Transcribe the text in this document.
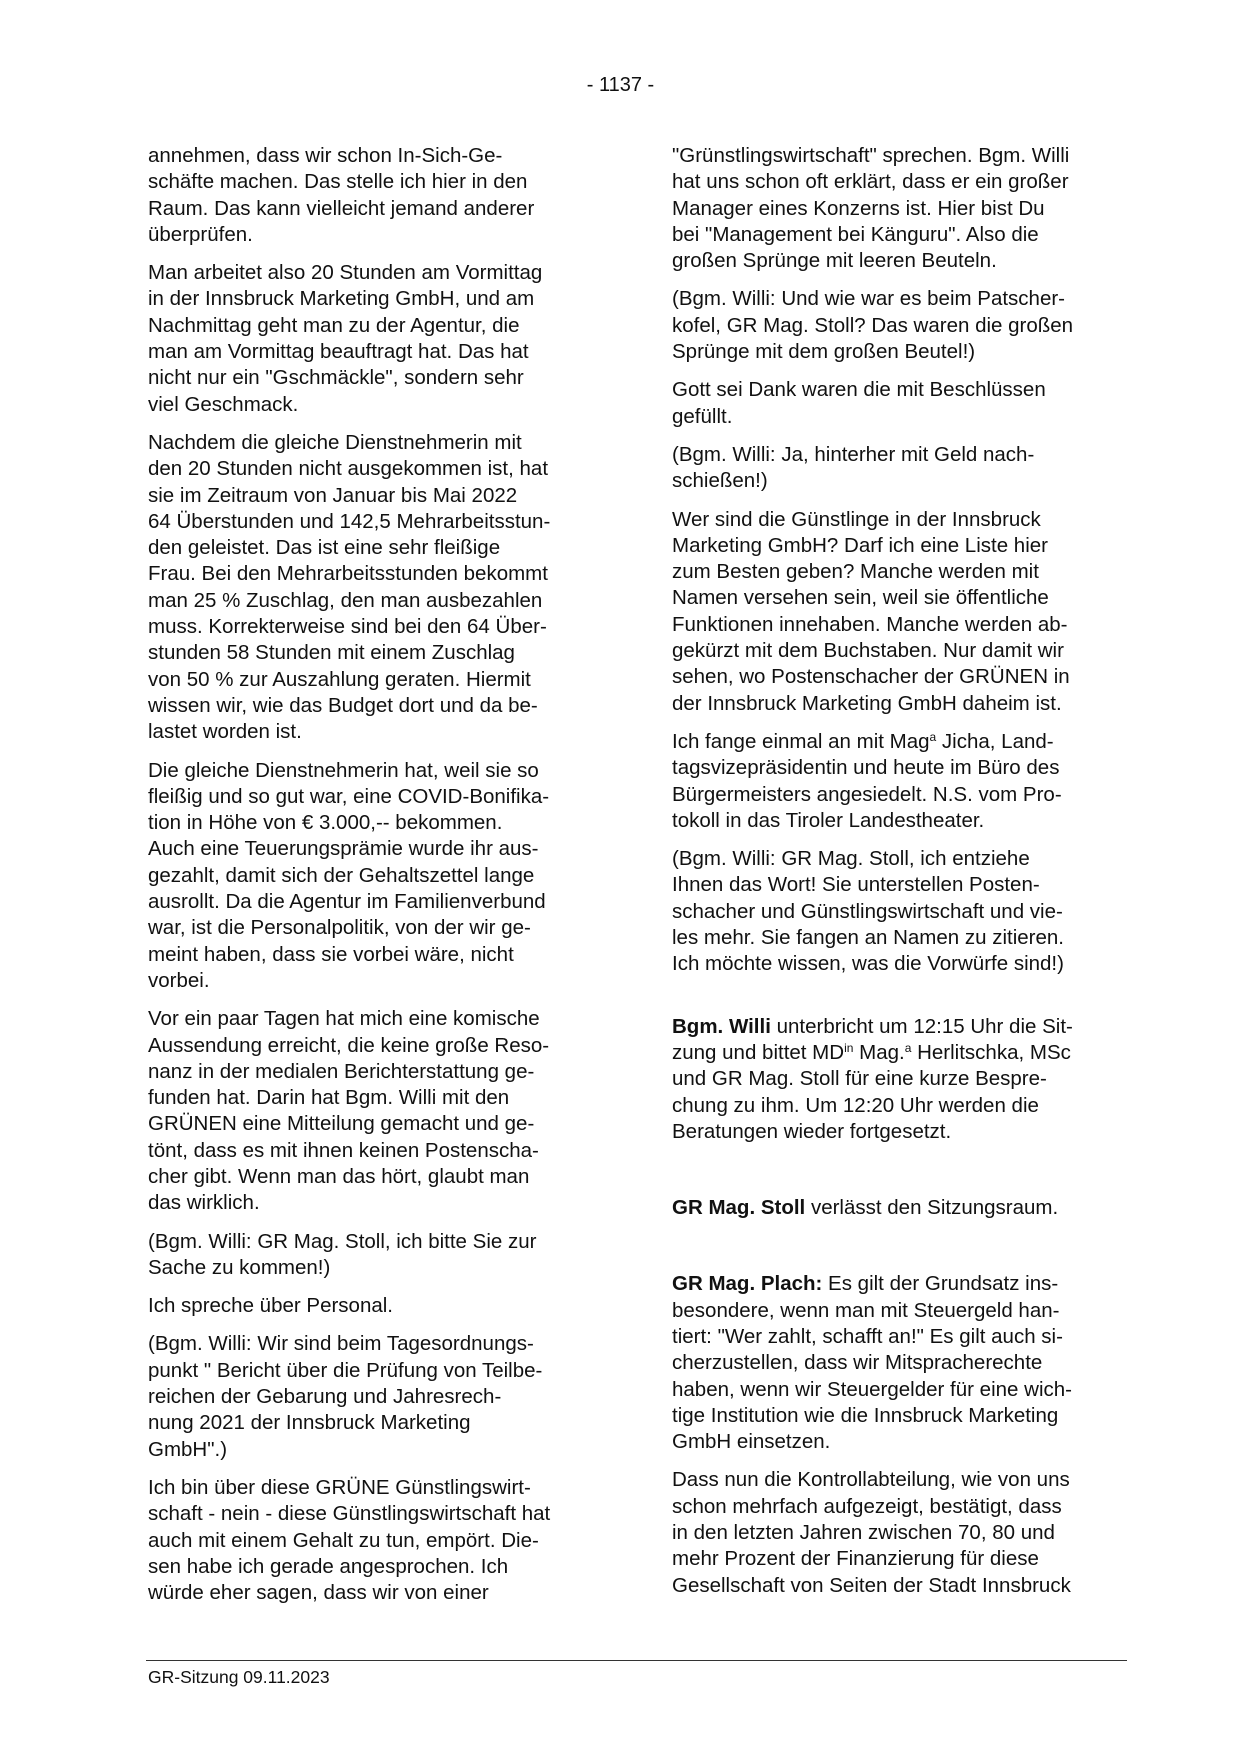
- 1137 -

annehmen, dass wir schon In-Sich-Ge-
schäfte machen. Das stelle ich hier in den
Raum. Das kann vielleicht jemand anderer
überprüfen.

Man arbeitet also 20 Stunden am Vormittag
in der Innsbruck Marketing GmbH, und am
Nachmittag geht man zu der Agentur, die
man am Vormittag beauftragt hat. Das hat
nicht nur ein "Gschmäckle", sondern sehr
viel Geschmack.

Nachdem die gleiche Dienstnehmerin mit
den 20 Stunden nicht ausgekommen ist, hat
sie im Zeitraum von Januar bis Mai 2022
64 Überstunden und 142,5 Mehrarbeitsstun-
den geleistet. Das ist eine sehr fleißige
Frau. Bei den Mehrarbeitsstunden bekommt
man 25 % Zuschlag, den man ausbezahlen
muss. Korrekterweise sind bei den 64 Über-
stunden 58 Stunden mit einem Zuschlag
von 50 % zur Auszahlung geraten. Hiermit
wissen wir, wie das Budget dort und da be-
lastet worden ist.

Die gleiche Dienstnehmerin hat, weil sie so
fleißig und so gut war, eine COVID-Bonifika-
tion in Höhe von € 3.000,-- bekommen.
Auch eine Teuerungsprämie wurde ihr aus-
gezahlt, damit sich der Gehaltszettel lange
ausrollt. Da die Agentur im Familienverbund
war, ist die Personalpolitik, von der wir ge-
meint haben, dass sie vorbei wäre, nicht
vorbei.

Vor ein paar Tagen hat mich eine komische
Aussendung erreicht, die keine große Reso-
nanz in der medialen Berichterstattung ge-
funden hat. Darin hat Bgm. Willi mit den
GRÜNEN eine Mitteilung gemacht und ge-
tönt, dass es mit ihnen keinen Postenscha-
cher gibt. Wenn man das hört, glaubt man
das wirklich.

(Bgm. Willi: GR Mag. Stoll, ich bitte Sie zur
Sache zu kommen!)

Ich spreche über Personal.

(Bgm. Willi: Wir sind beim Tagesordnungs-
punkt " Bericht über die Prüfung von Teilbe-
reichen der Gebarung und Jahresrech-
nung 2021 der Innsbruck Marketing
GmbH".)

Ich bin über diese GRÜNE Günstlingswirt-
schaft - nein - diese Günstlingswirtschaft hat
auch mit einem Gehalt zu tun, empört. Die-
sen habe ich gerade angesprochen. Ich
würde eher sagen, dass wir von einer

"Grünstlingswirtschaft" sprechen. Bgm. Willi
hat uns schon oft erklärt, dass er ein großer
Manager eines Konzerns ist. Hier bist Du
bei "Management bei Känguru". Also die
großen Sprünge mit leeren Beuteln.

(Bgm. Willi: Und wie war es beim Patscher-
kofel, GR Mag. Stoll? Das waren die großen
Sprünge mit dem großen Beutel!)

Gott sei Dank waren die mit Beschlüssen
gefüllt.

(Bgm. Willi: Ja, hinterher mit Geld nach-
schießen!)

Wer sind die Günstlinge in der Innsbruck
Marketing GmbH? Darf ich eine Liste hier
zum Besten geben? Manche werden mit
Namen versehen sein, weil sie öffentliche
Funktionen innehaben. Manche werden ab-
gekürzt mit dem Buchstaben. Nur damit wir
sehen, wo Postenschacher der GRÜNEN in
der Innsbruck Marketing GmbH daheim ist.

Ich fange einmal an mit Mag$^a$ Jicha, Land-
tagsvizepräsidentin und heute im Büro des
Bürgermeisters angesiedelt. N.S. vom Pro-
tokoll in das Tiroler Landestheater.

(Bgm. Willi: GR Mag. Stoll, ich entziehe
Ihnen das Wort! Sie unterstellen Posten-
schacher und Günstlingswirtschaft und vie-
les mehr. Sie fangen an Namen zu zitieren.
Ich möchte wissen, was die Vorwürfe sind!)

Bgm. Willi unterbricht um 12:15 Uhr die Sit-
zung und bittet $MD^{in}$ Mag.$^a$ Herlitschka, MSc
und GR Mag. Stoll für eine kurze Bespre-
chung zu ihm. Um 12:20 Uhr werden die
Beratungen wieder fortgesetzt.

GR Mag. Stoll verlässt den Sitzungsraum.

GR Mag. Plach: Es gilt der Grundsatz ins-
besondere, wenn man mit Steuergeld han-
tiert: "Wer zahlt, schafft an!" Es gilt auch si-
cherzustellen, dass wir Mitspracherechte
haben, wenn wir Steuergelder für eine wich-
tige Institution wie die Innsbruck Marketing
GmbH einsetzen.

Dass nun die Kontrollabteilung, wie von uns
schon mehrfach aufgezeigt, bestätigt, dass
in den letzten Jahren zwischen 70, 80 und
mehr Prozent der Finanzierung für diese
Gesellschaft von Seiten der Stadt Innsbruck

GR-Sitzung 09.11.2023
